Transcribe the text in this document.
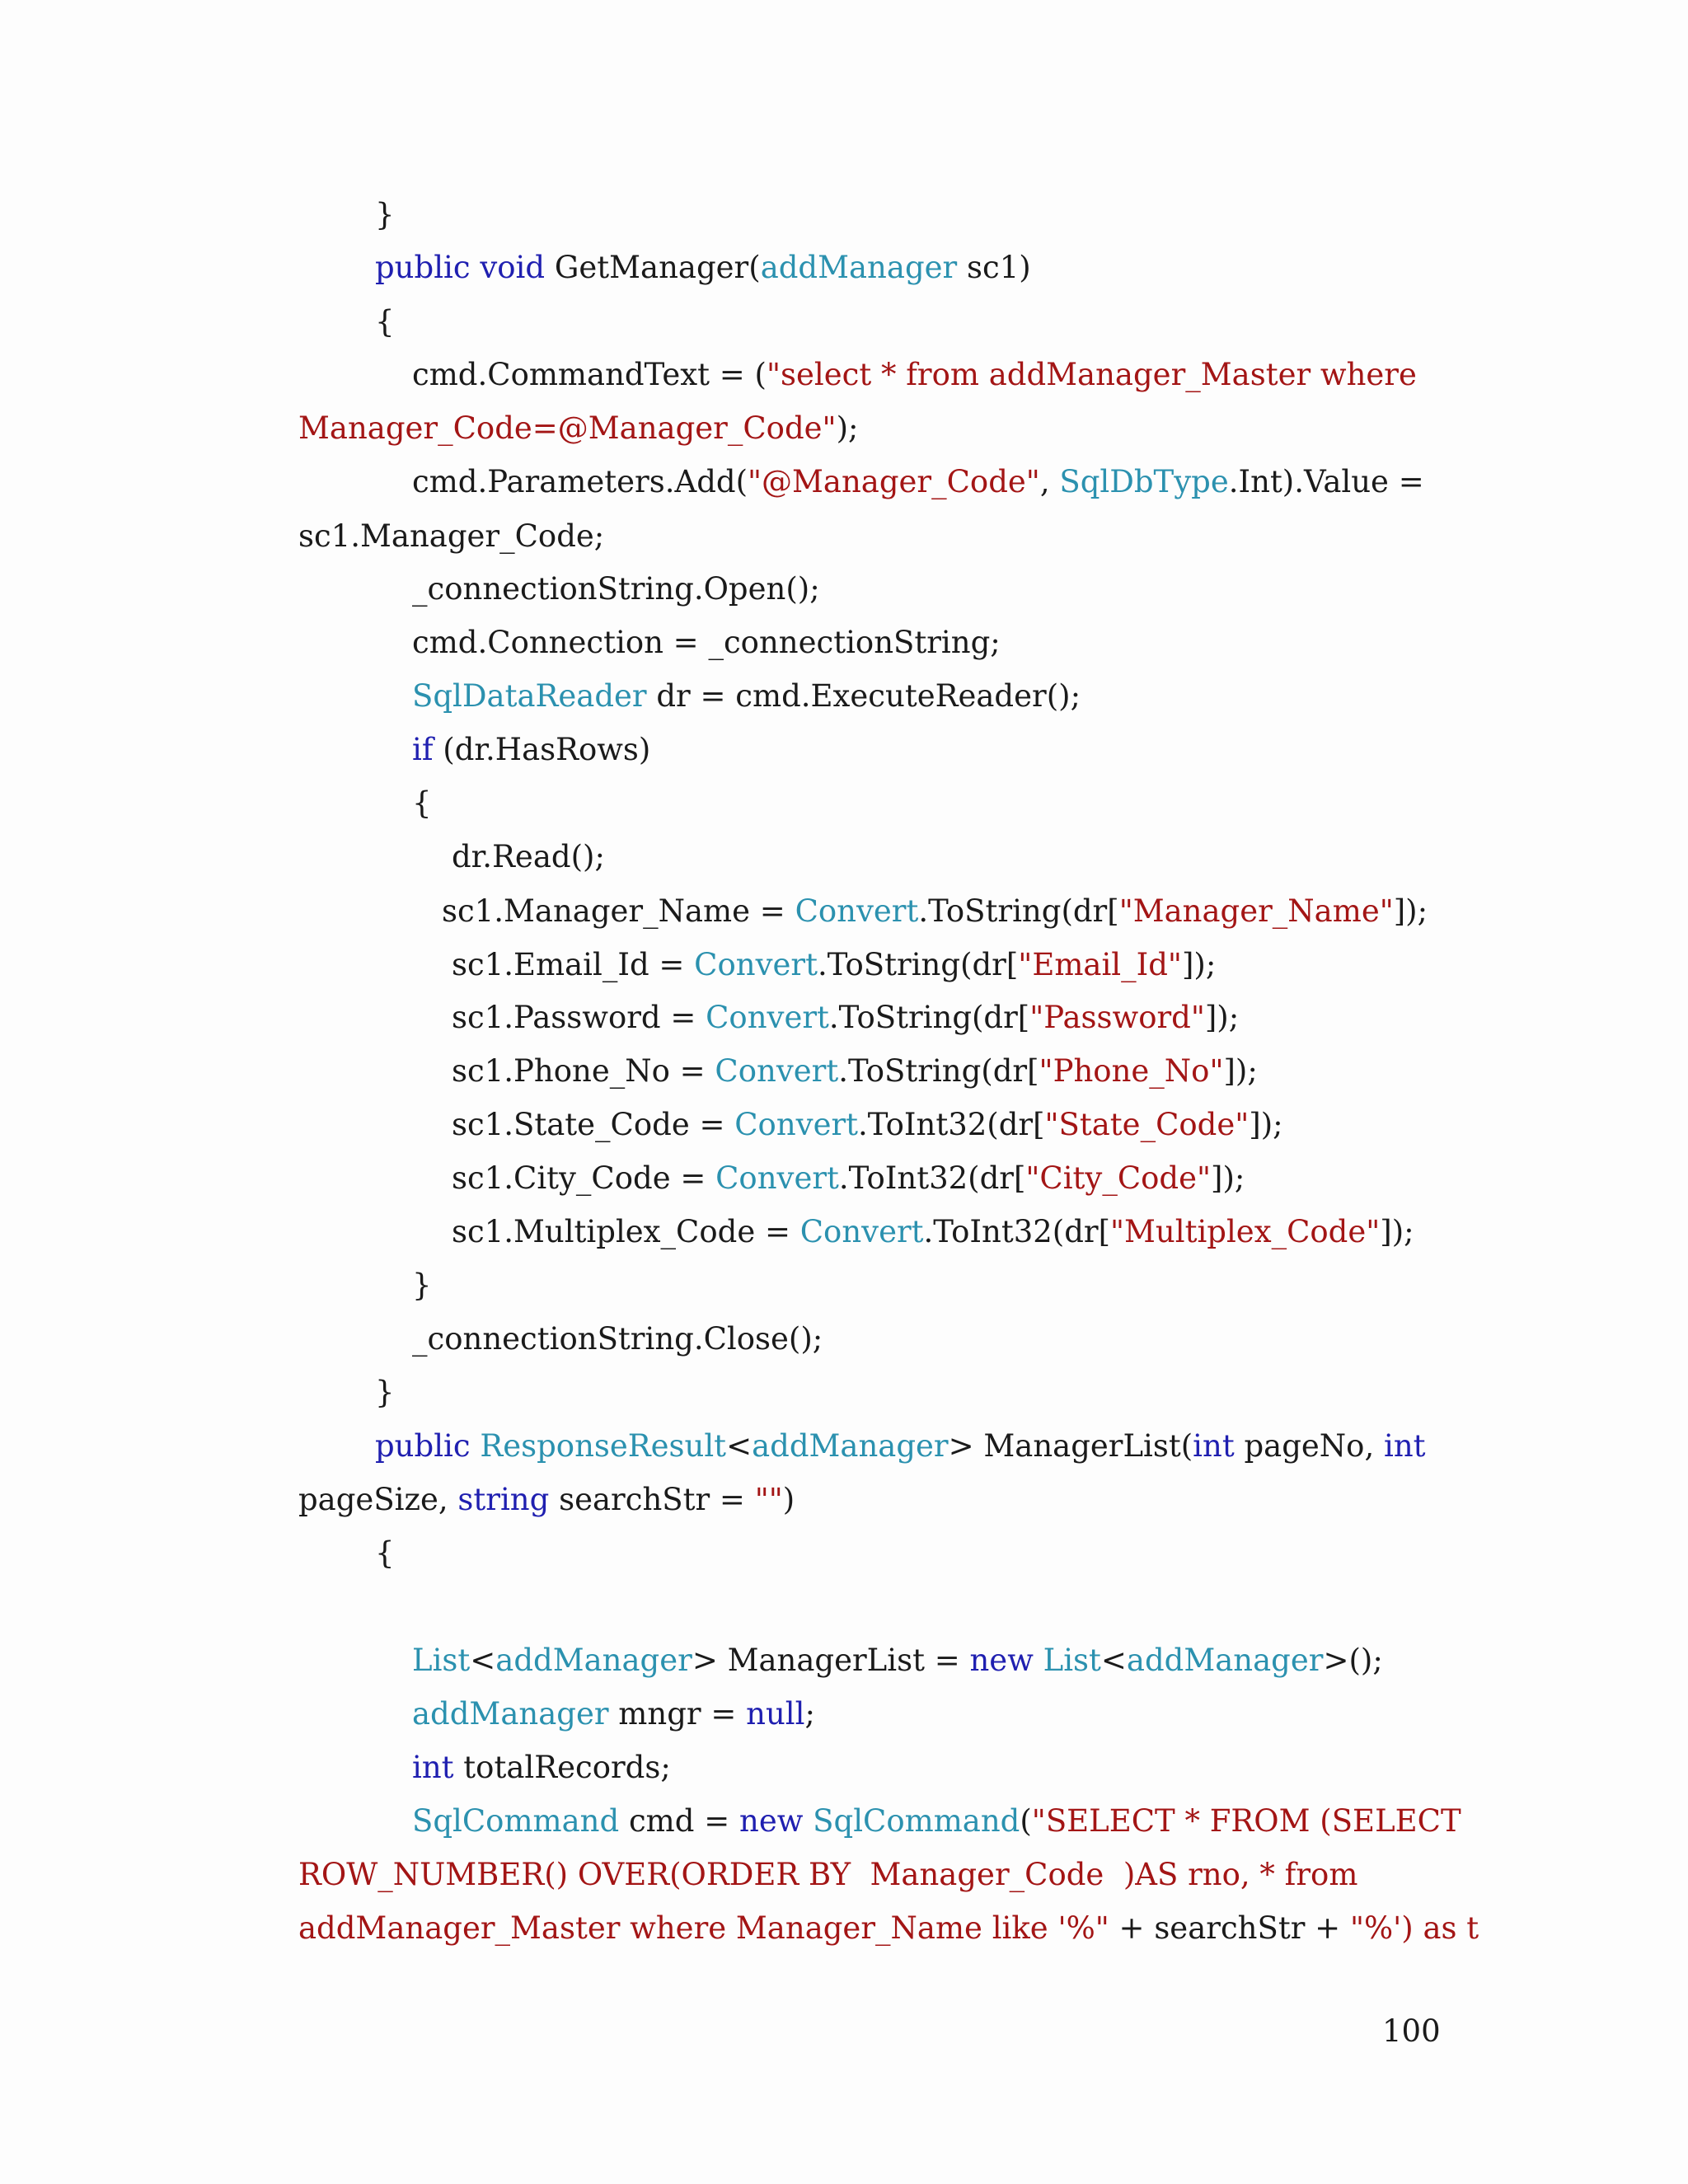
}
public void GetManager(addManager sc1)
{
cmd.CommandText = ("select * from addManager_Master where
Manager_Code=@Manager_Code");
cmd.Parameters.Add("@Manager_Code", SqlDbType.Int).Value =
sc1.Manager_Code;
_connectionString.Open();
cmd.Connection = _connectionString;
SqlDataReader dr = cmd.ExecuteReader();
if (dr.HasRows)
{
dr.Read();
sc1.Manager_Name = Convert.ToString(dr["Manager_Name"]);
sc1.Email_Id = Convert.ToString(dr["Email_Id"]);
sc1.Password = Convert.ToString(dr["Password"]);
sc1.Phone_No = Convert.ToString(dr["Phone_No"]);
sc1.State_Code = Convert.ToInt32(dr["State_Code"]);
sc1.City_Code = Convert.ToInt32(dr["City_Code"]);
sc1.Multiplex_Code = Convert.ToInt32(dr["Multiplex_Code"]);
}
_connectionString.Close();
}
public ResponseResult<addManager> ManagerList(int pageNo, int
pageSize, string searchStr = "")
{
List<addManager> ManagerList = new List<addManager>();
addManager mngr = null;
int totalRecords;
SqlCommand cmd = new SqlCommand("SELECT * FROM (SELECT
ROW_NUMBER() OVER(ORDER BY  Manager_Code  )AS rno, * from
addManager_Master where Manager_Name like '%" + searchStr + "%') as t
100
